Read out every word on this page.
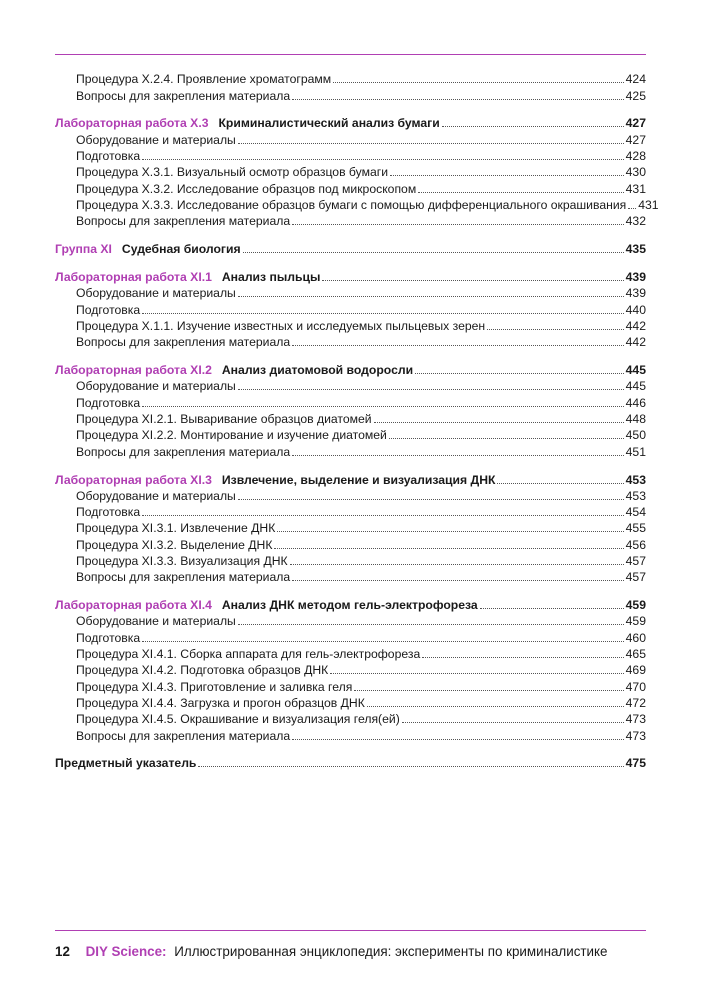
Процедура X.2.4. Проявление хроматограмм	424
Вопросы для закрепления материала	425
Лабораторная работа X.3 Криминалистический анализ бумаги	427
Оборудование и материалы	427
Подготовка	428
Процедура X.3.1. Визуальный осмотр образцов бумаги	430
Процедура X.3.2. Исследование образцов под микроскопом	431
Процедура X.3.3. Исследование образцов бумаги с помощью дифференциального окрашивания 431
Вопросы для закрепления материала	432
Группа XI Судебная биология	435
Лабораторная работа XI.1 Анализ пыльцы	439
Оборудование и материалы	439
Подготовка	440
Процедура X.1.1. Изучение известных и исследуемых пыльцевых зерен	442
Вопросы для закрепления материала	442
Лабораторная работа XI.2 Анализ диатомовой водоросли	445
Оборудование и материалы	445
Подготовка	446
Процедура XI.2.1. Вываривание образцов диатомей	448
Процедура XI.2.2. Монтирование и изучение диатомей	450
Вопросы для закрепления материала	451
Лабораторная работа XI.3 Извлечение, выделение и визуализация ДНК	453
Оборудование и материалы	453
Подготовка	454
Процедура XI.3.1. Извлечение ДНК	455
Процедура XI.3.2. Выделение ДНК	456
Процедура XI.3.3. Визуализация ДНК	457
Вопросы для закрепления материала	457
Лабораторная работа XI.4 Анализ ДНК методом гель-электрофореза	459
Оборудование и материалы	459
Подготовка	460
Процедура XI.4.1. Сборка аппарата для гель-электрофореза	465
Процедура XI.4.2. Подготовка образцов ДНК	469
Процедура XI.4.3. Приготовление и заливка геля	470
Процедура XI.4.4. Загрузка и прогон образцов ДНК	472
Процедура XI.4.5. Окрашивание и визуализация геля(ей)	473
Вопросы для закрепления материала	473
Предметный указатель	475
12 DIY Science: Иллюстрированная энциклопедия: эксперименты по криминалистике
